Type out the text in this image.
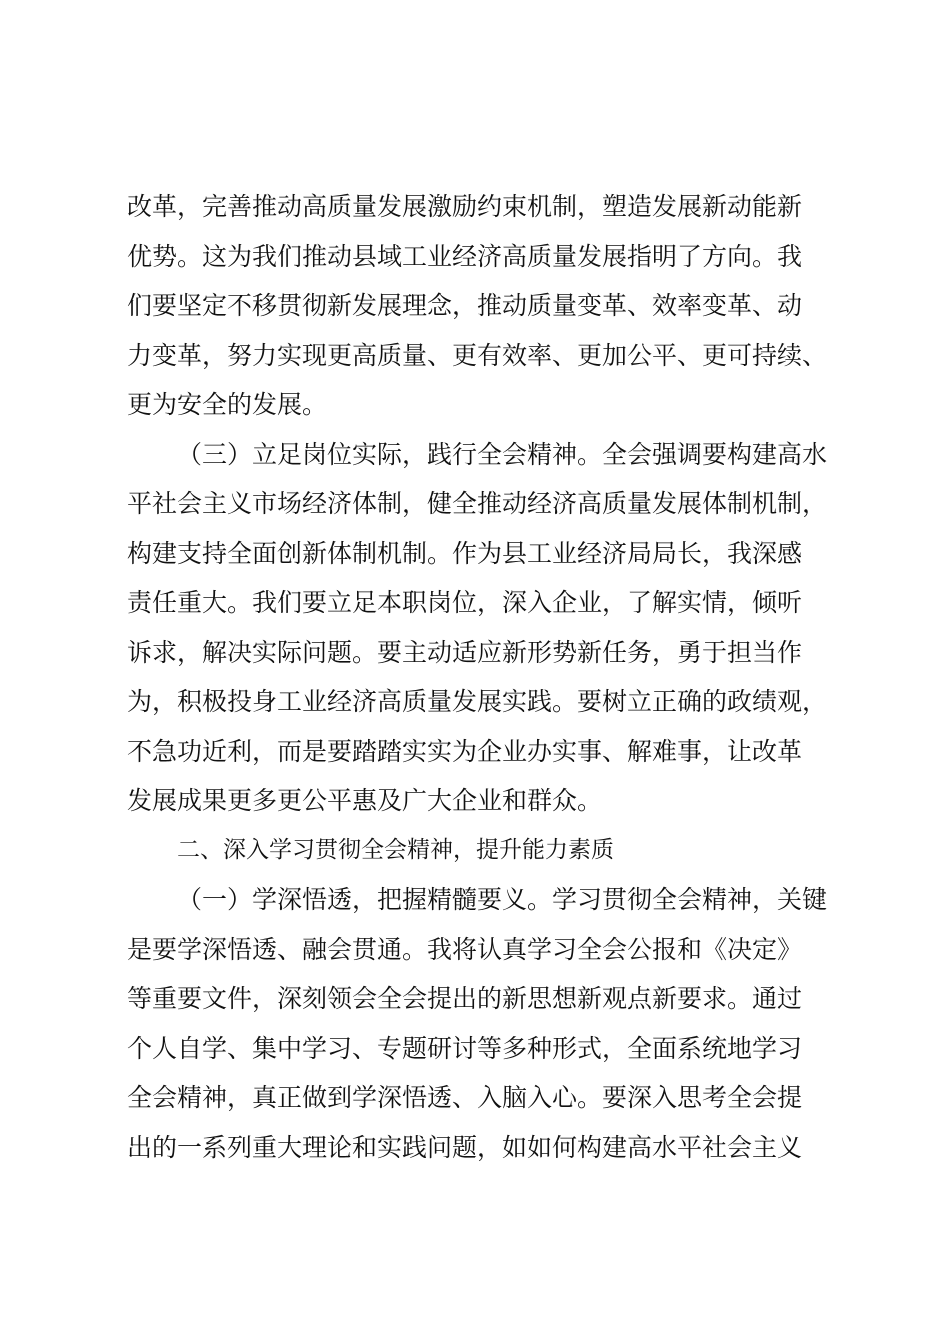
改革，完善推动高质量发展激励约束机制，塑造发展新动能新
优势。这为我们推动县域工业经济高质量发展指明了方向。我
们要坚定不移贯彻新发展理念，推动质量变革、效率变革、动
力变革，努力实现更高质量、更有效率、更加公平、更可持续、
更为安全的发展。
（三）立足岗位实际，践行全会精神。全会强调要构建高水
平社会主义市场经济体制，健全推动经济高质量发展体制机制，
构建支持全面创新体制机制。作为县工业经济局局长，我深感
责任重大。我们要立足本职岗位，深入企业，了解实情，倾听
诉求，解决实际问题。要主动适应新形势新任务，勇于担当作
为，积极投身工业经济高质量发展实践。要树立正确的政绩观，
不急功近利，而是要踏踏实实为企业办实事、解难事，让改革
发展成果更多更公平惠及广大企业和群众。
二、深入学习贯彻全会精神，提升能力素质
（一）学深悟透，把握精髓要义。学习贯彻全会精神，关键
是要学深悟透、融会贯通。我将认真学习全会公报和《决定》
等重要文件，深刻领会全会提出的新思想新观点新要求。通过
个人自学、集中学习、专题研讨等多种形式，全面系统地学习
全会精神，真正做到学深悟透、入脑入心。要深入思考全会提
出的一系列重大理论和实践问题，如如何构建高水平社会主义
